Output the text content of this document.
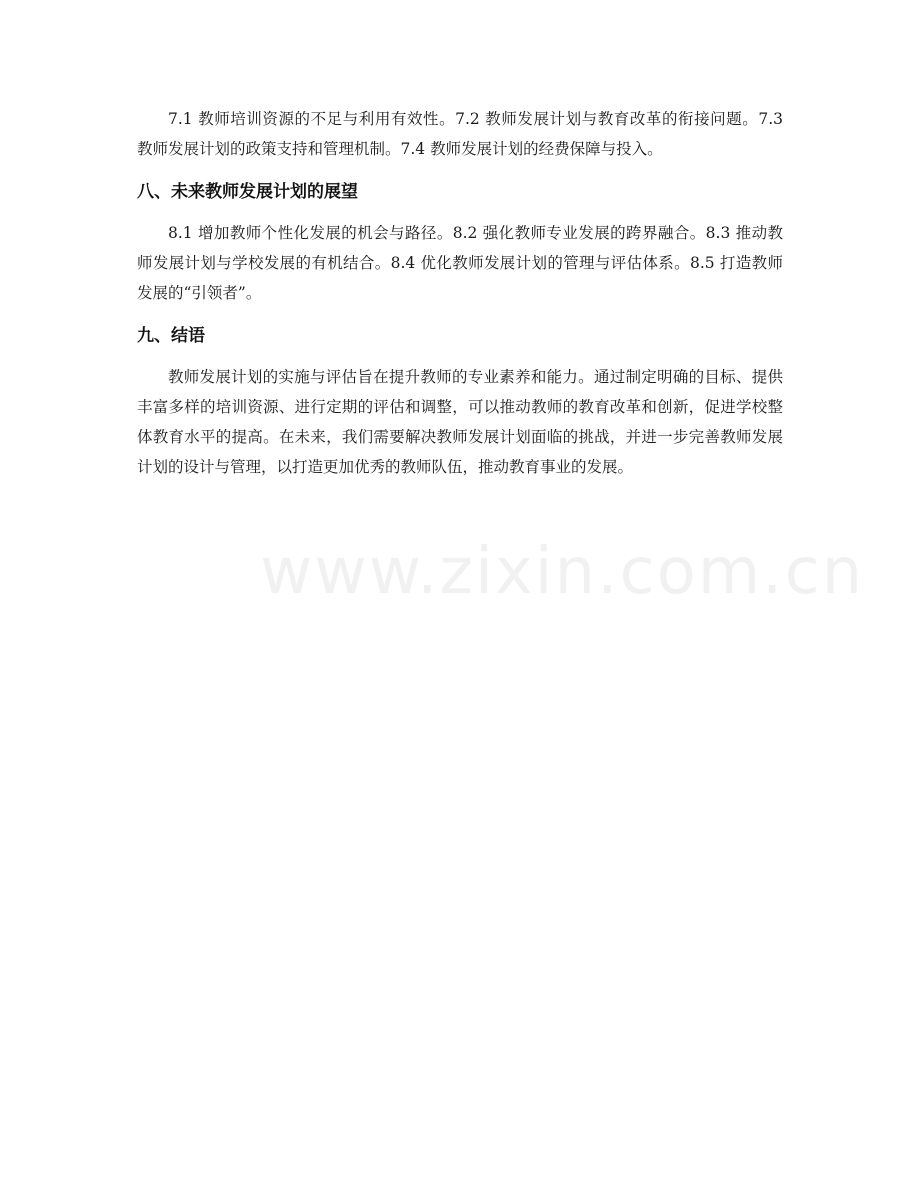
www.zixin.com.cn

7.1 教师培训资源的不足与利用有效性。7.2 教师发展计划与教育改革的衔接问题。7.3 教师发展计划的政策支持和管理机制。7.4 教师发展计划的经费保障与投入。

八、未来教师发展计划的展望

8.1 增加教师个性化发展的机会与路径。8.2 强化教师专业发展的跨界融合。8.3 推动教师发展计划与学校发展的有机结合。8.4 优化教师发展计划的管理与评估体系。8.5 打造教师发展的“引领者”。

九、结语

教师发展计划的实施与评估旨在提升教师的专业素养和能力。通过制定明确的目标、提供丰富多样的培训资源、进行定期的评估和调整，可以推动教师的教育改革和创新，促进学校整体教育水平的提高。在未来，我们需要解决教师发展计划面临的挑战，并进一步完善教师发展计划的设计与管理，以打造更加优秀的教师队伍，推动教育事业的发展。
